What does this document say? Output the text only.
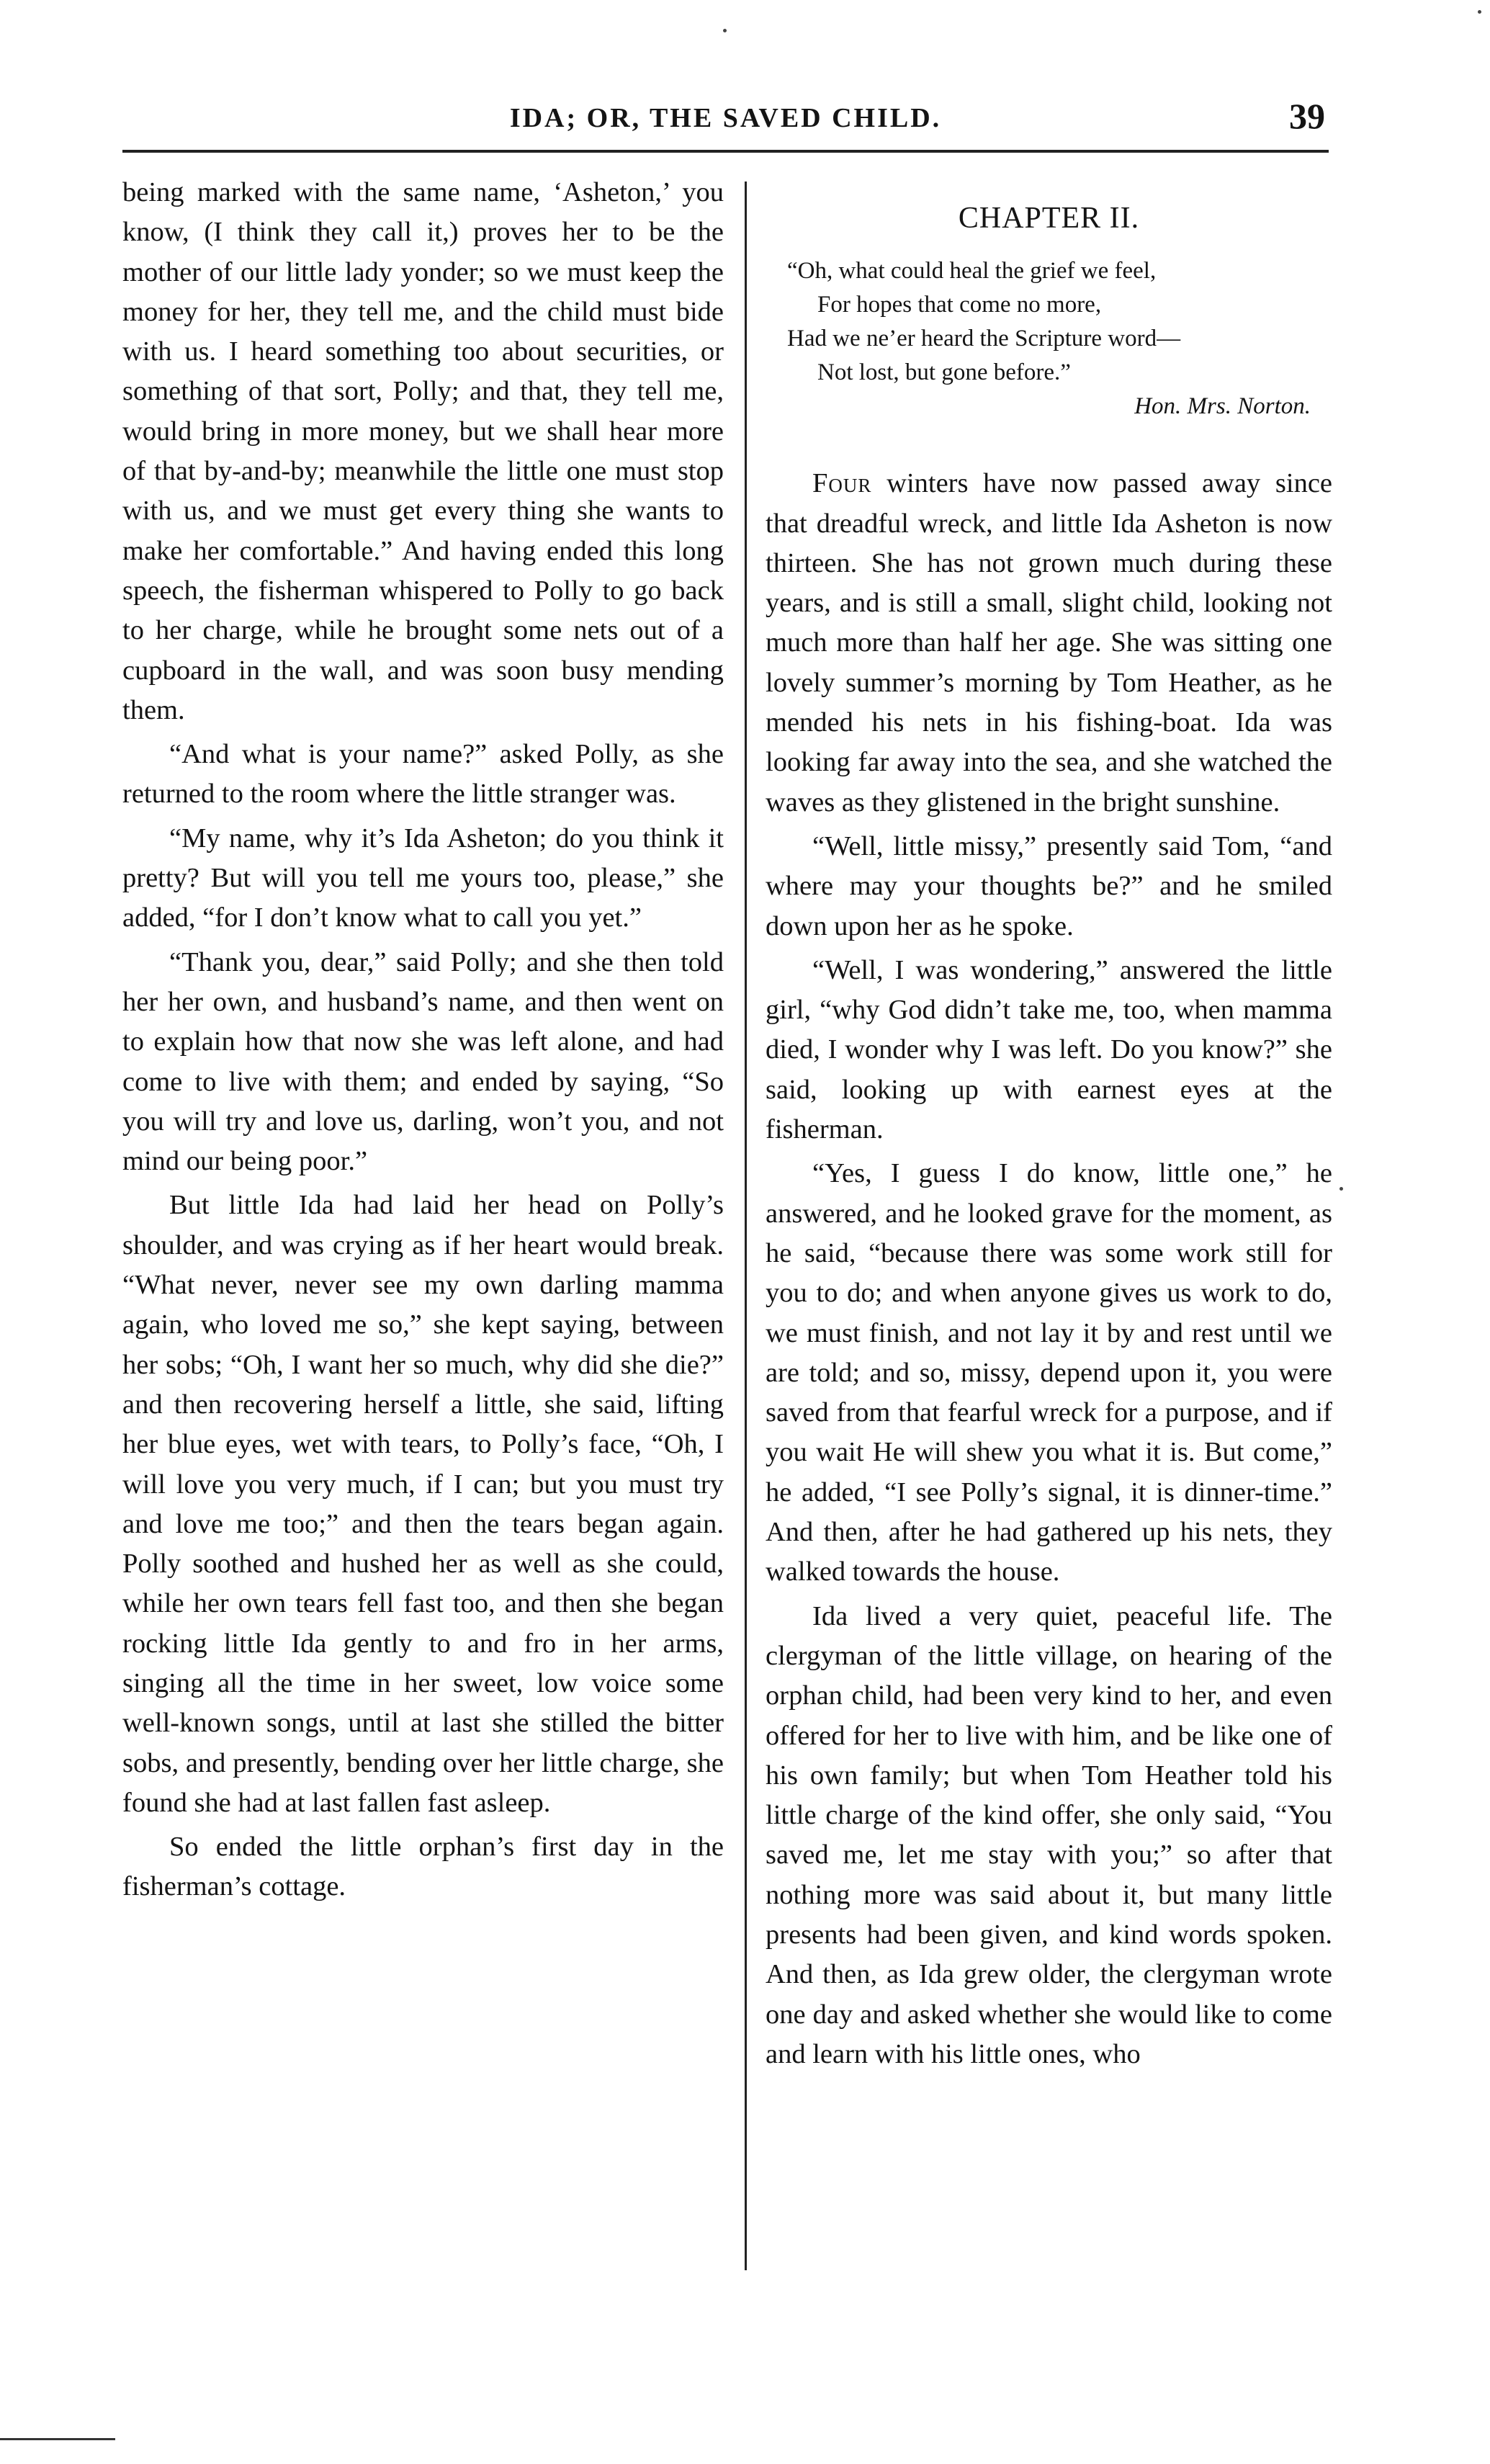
IDA; OR, THE SAVED CHILD.	39

being marked with the same name, ‘Asheton,’ you know, (I think they call it,) proves her to be the mother of our little lady yonder; so we must keep the money for her, they tell me, and the child must bide with us. I heard something too about securities, or something of that sort, Polly; and that, they tell me, would bring in more money, but we shall hear more of that by-and-by; meanwhile the little one must stop with us, and we must get every thing she wants to make her comfortable.” And having ended this long speech, the fisherman whispered to Polly to go back to her charge, while he brought some nets out of a cupboard in the wall, and was soon busy mending them.

“And what is your name?” asked Polly, as she returned to the room where the little stranger was.

“My name, why it’s Ida Asheton; do you think it pretty? But will you tell me yours too, please,” she added, “for I don’t know what to call you yet.”

“Thank you, dear,” said Polly; and she then told her her own, and husband’s name, and then went on to explain how that now she was left alone, and had come to live with them; and ended by saying, “So you will try and love us, darling, won’t you, and not mind our being poor.”

But little Ida had laid her head on Polly’s shoulder, and was crying as if her heart would break. “What never, never see my own darling mamma again, who loved me so,” she kept saying, between her sobs; “Oh, I want her so much, why did she die?” and then recovering herself a little, she said, lifting her blue eyes, wet with tears, to Polly’s face, “Oh, I will love you very much, if I can; but you must try and love me too;” and then the tears began again. Polly soothed and hushed her as well as she could, while her own tears fell fast too, and then she began rocking little Ida gently to and fro in her arms, singing all the time in her sweet, low voice some well-known songs, until at last she stilled the bitter sobs, and presently, bending over her little charge, she found she had at last fallen fast asleep.

So ended the little orphan’s first day in the fisherman’s cottage.

CHAPTER II.
“Oh, what could heal the grief we feel,
For hopes that come no more,
Had we ne’er heard the Scripture word—
Not lost, but gone before.”
Hon. Mrs. Norton.

Four winters have now passed away since that dreadful wreck, and little Ida Asheton is now thirteen. She has not grown much during these years, and is still a small, slight child, looking not much more than half her age. She was sitting one lovely summer’s morning by Tom Heather, as he mended his nets in his fishing-boat. Ida was looking far away into the sea, and she watched the waves as they glistened in the bright sunshine.

“Well, little missy,” presently said Tom, “and where may your thoughts be?” and he smiled down upon her as he spoke.

“Well, I was wondering,” answered the little girl, “why God didn’t take me, too, when mamma died, I wonder why I was left. Do you know?” she said, looking up with earnest eyes at the fisherman.

“Yes, I guess I do know, little one,” he answered, and he looked grave for the moment, as he said, “because there was some work still for you to do; and when anyone gives us work to do, we must finish, and not lay it by and rest until we are told; and so, missy, depend upon it, you were saved from that fearful wreck for a purpose, and if you wait He will shew you what it is. But come,” he added, “I see Polly’s signal, it is dinner-time.” And then, after he had gathered up his nets, they walked towards the house.

Ida lived a very quiet, peaceful life. The clergyman of the little village, on hearing of the orphan child, had been very kind to her, and even offered for her to live with him, and be like one of his own family; but when Tom Heather told his little charge of the kind offer, she only said, “You saved me, let me stay with you;” so after that nothing more was said about it, but many little presents had been given, and kind words spoken. And then, as Ida grew older, the clergyman wrote one day and asked whether she would like to come and learn with his little ones, who
